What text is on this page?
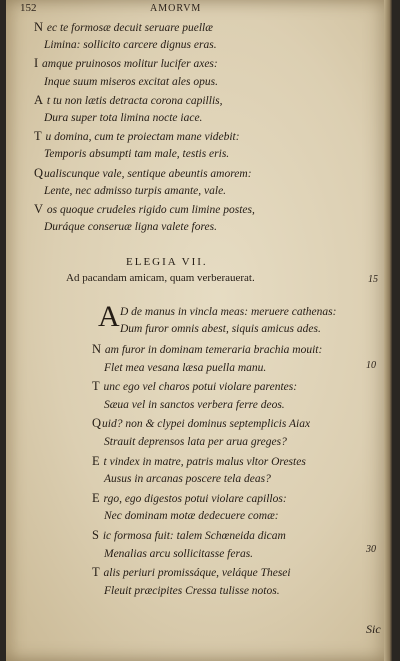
152	AMORVM
N ec te formosæ decuit seruare puellæ
Limina: sollicito carcere dignus eras.
I amque pruinosos molitur lucifer axes:
Inque suum miseros excitat ales opus.
A t tu non lætis detracta corona capillis,
Dura super tota limina nocte iace.
T u domina, cum te proiectam mane videbit:
Temporis absumpti tam male, testis eris.
Qualiscunque vale, sentique abeuntis amorem:
Lente, nec admisso turpis amante, vale.
V os quoque crudeles rigido cum limine postes,
Duráque conseruæ ligna valete fores.
ELEGIA VII.
Ad pacandam amicam, quam verberauerat.	15
A D de manus in vincla meas: meruere cathenas:
Dum furor omnis abest, siquis amicus ades.
N am furor in dominam temeraria brachia mouit:
Flet mea vesana læsa puella manu.
T unc ego vel charos potui violare parentes:
Sæua vel in sanctos verbera ferre deos.
Quid? non & clypei dominus septemplicis Aiax
Strauit deprensos lata per arua greges?
E t vindex in matre, patris malus vltor Orestes
Ausus in arcanas poscere tela deas?
E rgo, ego digestos potui violare capillos:
Nec dominam motæ dedecuere comæ:
S ic formosa fuit: talem Schœneida dicam
Menalias arcu sollicitasse feras.
T alis periuri promissáque, veláque Thesei
Fleuit præcipites Cressa tulisse notos.
10
30
Sic
